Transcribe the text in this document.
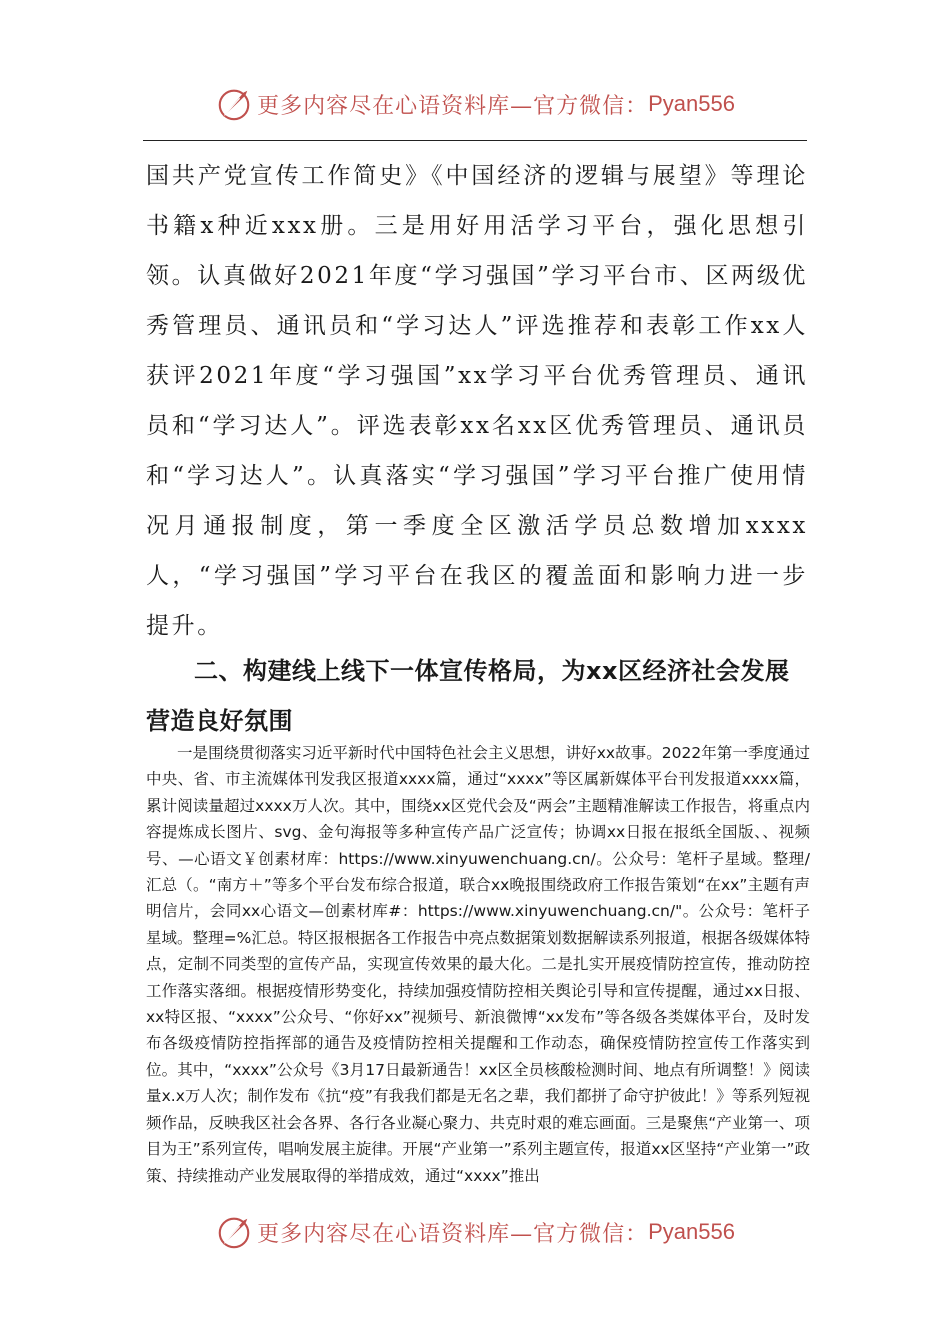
更多内容尽在心语资料库—官方微信： Pyan556

国共产党宣传工作简史》《中国经济的逻辑与展望》等理论书籍x种近xxx册。三是用好用活学习平台，强化思想引领。认真做好2021年度“学习强国”学习平台市、区两级优秀管理员、通讯员和“学习达人”评选推荐和表彰工作xx人获评2021年度“学习强国”xx学习平台优秀管理员、通讯员和“学习达人”。评选表彰xx名xx区优秀管理员、通讯员和“学习达人”。认真落实“学习强国”学习平台推广使用情况月通报制度，第一季度全区激活学员总数增加xxxx人，“学习强国”学习平台在我区的覆盖面和影响力进一步提升。

二、构建线上线下一体宣传格局，为xx区经济社会发展营造良好氛围

一是围绕贯彻落实习近平新时代中国特色社会主义思想，讲好xx故事。2022年第一季度通过中央、省、市主流媒体刊发我区报道xxxx篇，通过“xxxx”等区属新媒体平台刊发报道xxxx篇，累计阅读量超过xxxx万人次。其中，围绕xx区党代会及“两会”主题精准解读工作报告，将重点内容提炼成长图片、svg、金句海报等多种宣传产品广泛宣传；协调xx日报在报纸全国版、、视频号、—心语文￥创素材库：https://www.xinyuwenchuang.cn/。公众号：笔杆子星域。整理/汇总（。“南方＋”等多个平台发布综合报道，联合xx晚报围绕政府工作报告策划“在xx”主题有声明信片，会同xx心语文—创素材库#：https://www.xinyuwenchuang.cn/"。公众号：笔杆子星域。整理=%汇总。特区报根据各工作报告中亮点数据策划数据解读系列报道，根据各级媒体特点，定制不同类型的宣传产品，实现宣传效果的最大化。二是扎实开展疫情防控宣传，推动防控工作落实落细。根据疫情形势变化，持续加强疫情防控相关舆论引导和宣传提醒，通过xx日报、xx特区报、“xxxx”公众号、“你好xx”视频号、新浪微博“xx发布”等各级各类媒体平台，及时发布各级疫情防控指挥部的通告及疫情防控相关提醒和工作动态，确保疫情防控宣传工作落实到位。其中，“xxxx”公众号《3月17日最新通告！xx区全员核酸检测时间、地点有所调整！》阅读量x.x万人次；制作发布《抗“疫”有我我们都是无名之辈，我们都拼了命守护彼此！》等系列短视频作品，反映我区社会各界、各行各业凝心聚力、共克时艰的难忘画面。三是聚焦“产业第一、项目为王”系列宣传，唱响发展主旋律。开展“产业第一”系列主题宣传，报道xx区坚持“产业第一”政策、持续推动产业发展取得的举措成效，通过“xxxx”推出

更多内容尽在心语资料库—官方微信： Pyan556
